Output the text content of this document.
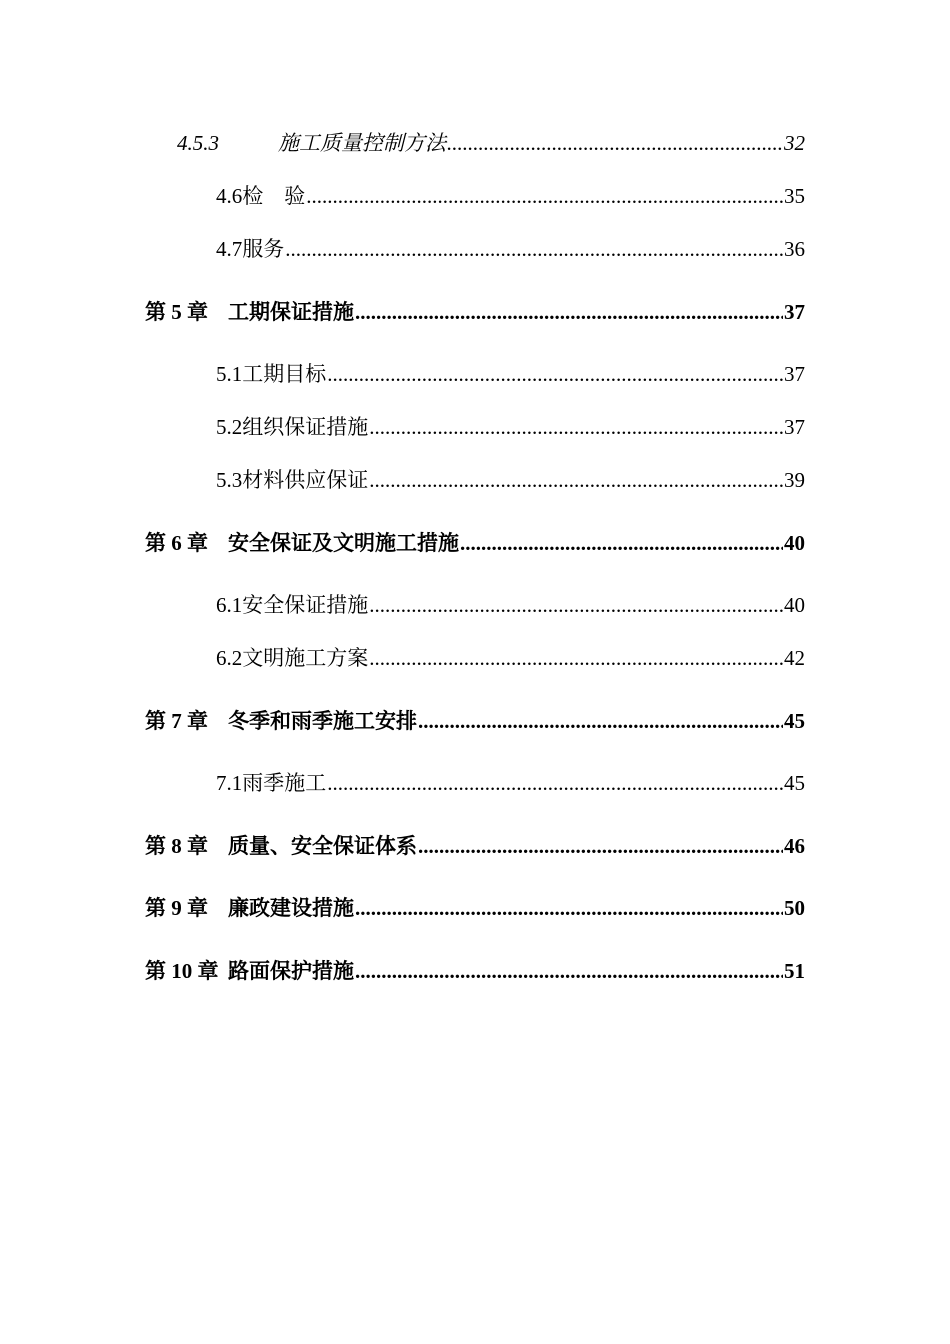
4.5.3	施工质量控制方法 .....	32
4.6 检　验 .....	35
4.7 服务 .....	36
第 5 章 工期保证措施 .....	37
5.1 工期目标 .....	37
5.2 组织保证措施 .....	37
5.3 材料供应保证 .....	39
第 6 章 安全保证及文明施工措施 .....	40
6.1 安全保证措施 .....	40
6.2 文明施工方案 .....	42
第 7 章 冬季和雨季施工安排 .....	45
7.1 雨季施工 .....	45
第 8 章 质量、安全保证体系 .....	46
第 9 章 廉政建设措施 .....	50
第 10 章 路面保护措施 .....	51
